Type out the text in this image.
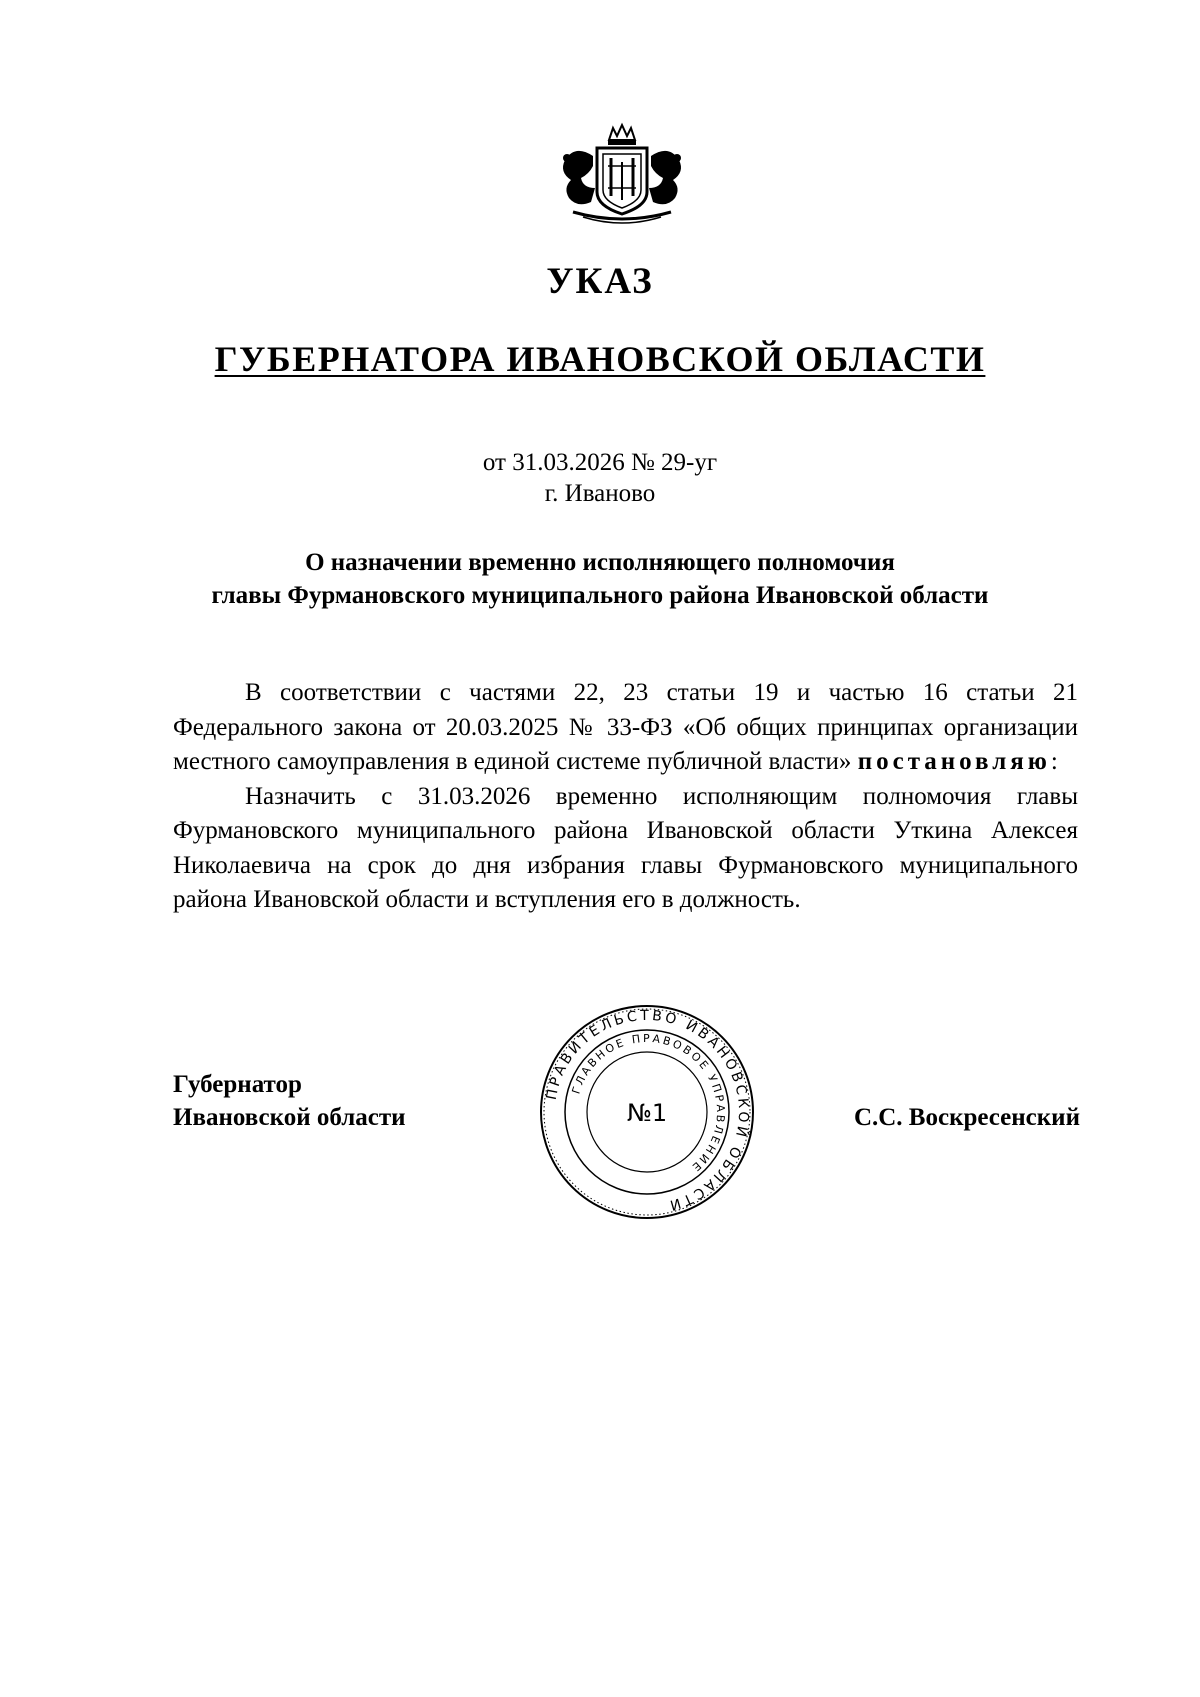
УКАЗ
ГУБЕРНАТОРА ИВАНОВСКОЙ ОБЛАСТИ
от 31.03.2026 № 29-уг
г. Иваново
О назначении временно исполняющего полномочия
главы Фурмановского муниципального района Ивановской области

В соответствии с частями 22, 23 статьи 19 и частью 16 статьи 21 Федерального закона от 20.03.2025 № 33-ФЗ «Об общих принципах организации местного самоуправления в единой системе публичной власти» постановляю:

Назначить с 31.03.2026 временно исполняющим полномочия главы Фурмановского муниципального района Ивановской области Уткина Алексея Николаевича на срок до дня избрания главы Фурмановского муниципального района Ивановской области и вступления его в должность.

Губернатор
Ивановской области
ПРАВИТЕЛЬСТВО ИВАНОВСКОЙ ОБЛАСТИ
ГЛАВНОЕ ПРАВОВОЕ УПРАВЛЕНИЕ
№1	С.С. Воскресенский
